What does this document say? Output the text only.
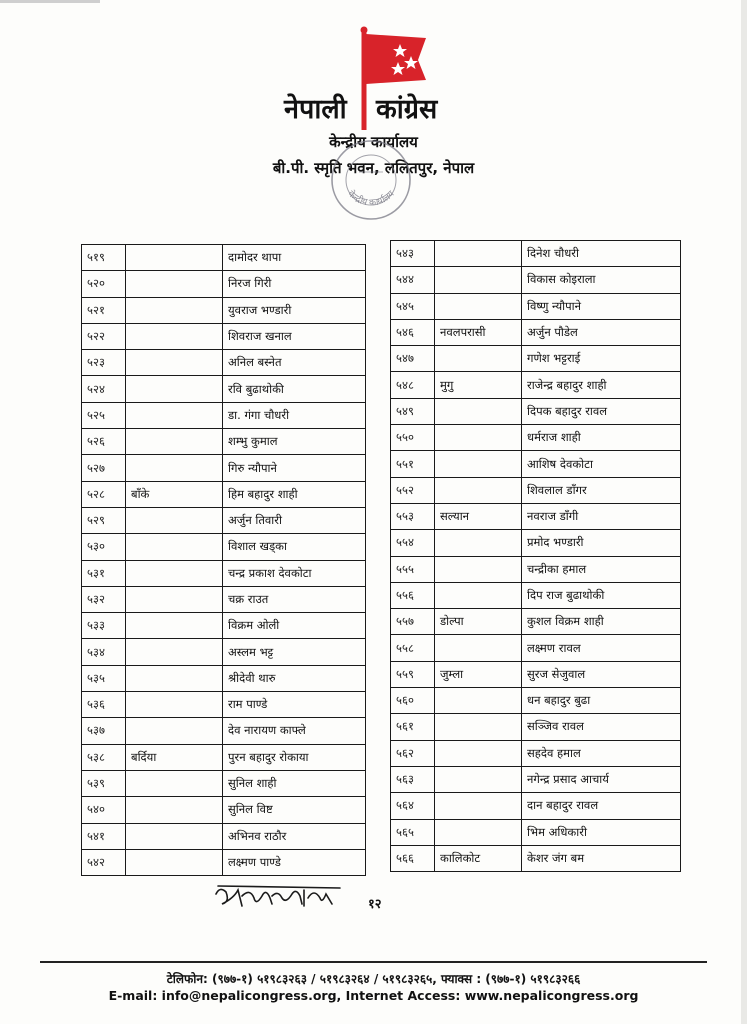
नेपाली कांग्रेस
केन्द्रीय कार्यालय
बी.पी. स्मृति भवन, ललितपुर, नेपाल
केन्द्रीय कार्यालय
५१९		दामोदर थापा
५२०		निरज गिरी
५२१		युवराज भण्डारी
५२२		शिवराज खनाल
५२३		अनिल बस्नेत
५२४		रवि बुढाथोकी
५२५		डा. गंगा चौधरी
५२६		शम्भु कुमाल
५२७		गिरु न्यौपाने
५२८	बाँके	हिम बहादुर शाही
५२९		अर्जुन तिवारी
५३०		विशाल खड्का
५३१		चन्द्र प्रकाश देवकोटा
५३२		चक्र राउत
५३३		विक्रम ओली
५३४		अस्लम भट्ट
५३५		श्रीदेवी थारु
५३६		राम पाण्डे
५३७		देव नारायण काफ्ले
५३८	बर्दिया	पुरन बहादुर रोकाया
५३९		सुनिल शाही
५४०		सुनिल विष्ट
५४१		अभिनव राठौर
५४२		लक्ष्मण पाण्डे
५४३		दिनेश चौधरी
५४४		विकास कोइराला
५४५		विष्णु न्यौपाने
५४६	नवलपरासी	अर्जुन पौडेल
५४७		गणेश भट्टराई
५४८	मुगु	राजेन्द्र बहादुर शाही
५४९		दिपक बहादुर रावल
५५०		धर्मराज शाही
५५१		आशिष देवकोटा
५५२		शिवलाल डाँगर
५५३	सल्यान	नवराज डाँगी
५५४		प्रमोद भण्डारी
५५५		चन्द्रीका हमाल
५५६		दिप राज बुढाथोकी
५५७	डोल्पा	कुशल विक्रम शाही
५५८		लक्ष्मण रावल
५५९	जुम्ला	सुरज सेजुवाल
५६०		धन बहादुर बुढा
५६१		सञ्जिव रावल
५६२		सहदेव हमाल
५६३		नगेन्द्र प्रसाद आचार्य
५६४		दान बहादुर रावल
५६५		भिम अधिकारी
५६६	कालिकोट	केशर जंग बम
१२
टेलिफोन: (९७७-१) ५१९८३२६३ / ५१९८३२६४ / ५१९८३२६५, फ्याक्स : (९७७-१) ५१९८३२६६
E-mail: info@nepalicongress.org, Internet Access: www.nepalicongress.org
